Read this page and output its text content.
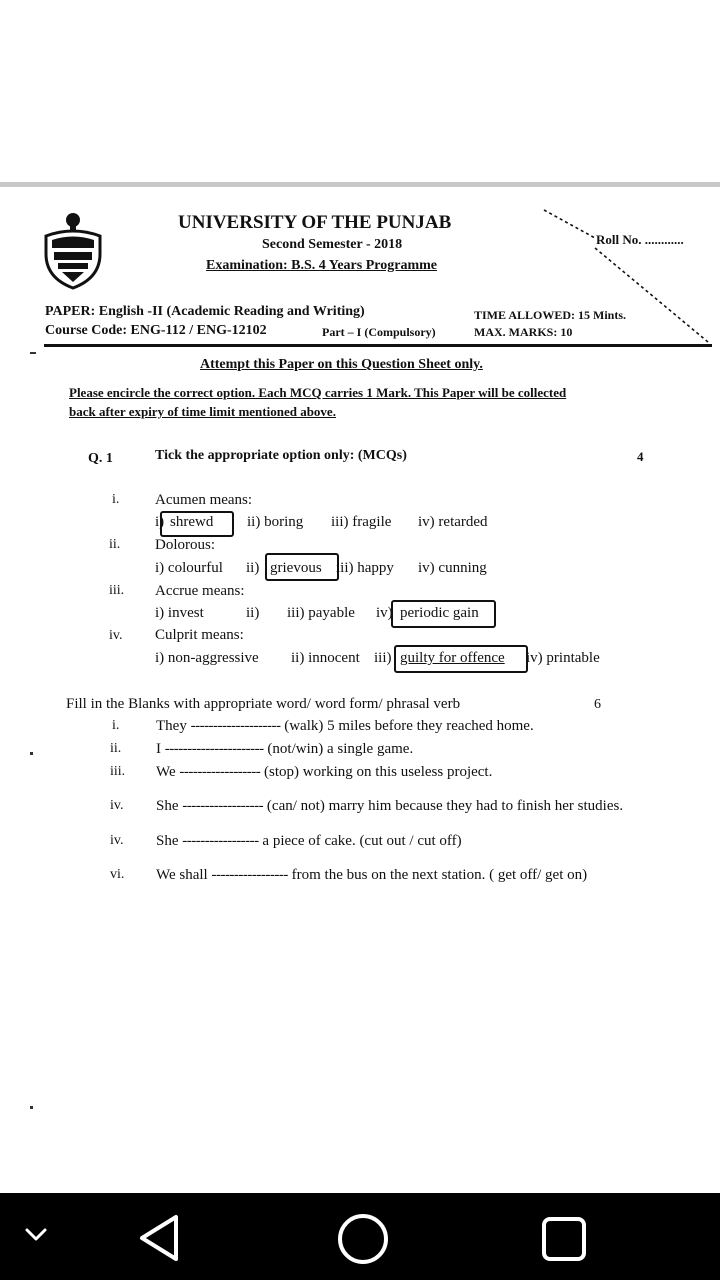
UNIVERSITY OF THE PUNJAB
Second Semester - 2018
Examination: B.S. 4 Years Programme
Roll No. ............
PAPER: English -II (Academic Reading and Writing)
Course Code: ENG-112 / ENG-12102	Part – I (Compulsory)
TIME ALLOWED: 15 Mints.
MAX. MARKS: 10
Attempt this Paper on this Question Sheet only.
Please encircle the correct option. Each MCQ carries 1 Mark. This Paper will be collected
back after expiry of time limit mentioned above.
Q. 1	Tick the appropriate option only: (MCQs)	4
i. Acumen means:
i) shrewd ii) boring iii) fragile iv) retarded
ii. Dolorous:
i) colourful ii) grievous iii) happy iv) cunning
iii. Accrue means:
i) invest	ii) iii) payable iv) periodic gain
iv. Culprit means:
i) non-aggressive ii) innocent iii) guilty for offence iv) printable
Fill in the Blanks with appropriate word/ word form/ phrasal verb	6
i. They -------------------- (walk) 5 miles before they reached home.
ii. I ---------------------- (not/win) a single game.
iii. We ------------------ (stop) working on this useless project.
iv. She ------------------ (can/ not) marry him because they had to finish her studies.
iv. She ----------------- a piece of cake. (cut out / cut off)
vi. We shall ----------------- from the bus on the next station. ( get off/ get on)
